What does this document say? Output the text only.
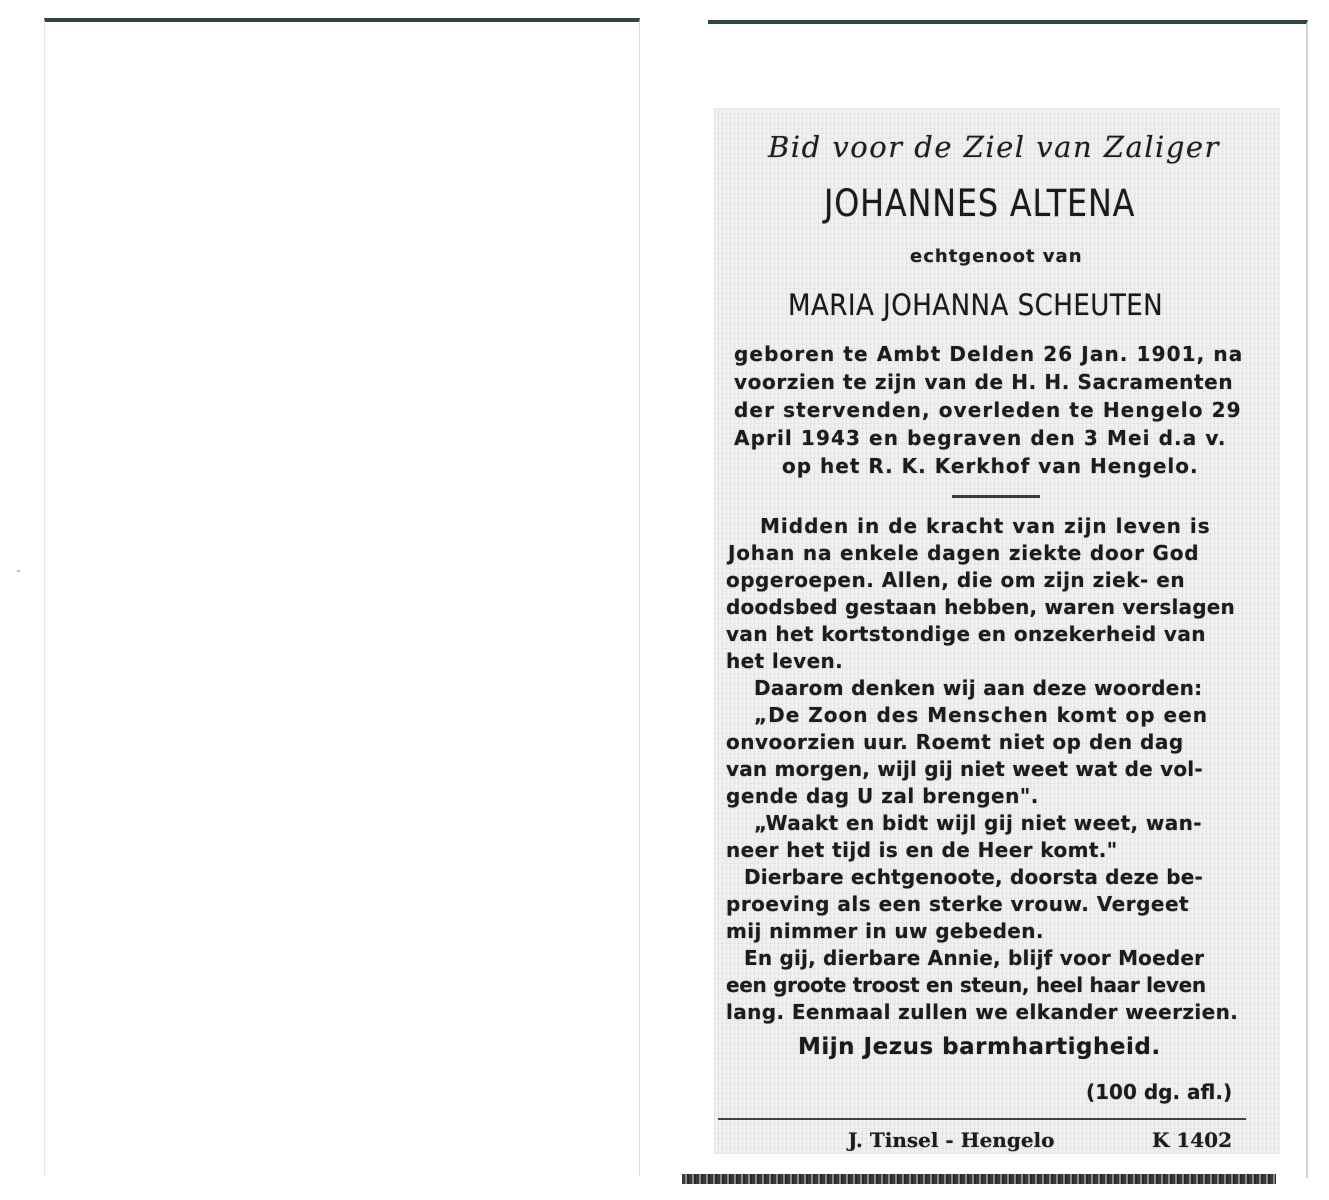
Bid voor de Ziel van Zaliger
JOHANNES ALTENA
echtgenoot van
MARIA JOHANNA SCHEUTEN
geboren te Ambt Delden 26 Jan. 1901, na
voorzien te zijn van de H. H. Sacramenten
der stervenden, overleden te Hengelo 29
April 1943 en begraven den 3 Mei d.a v.
op het R. K. Kerkhof van Hengelo.
Midden in de kracht van zijn leven is
Johan na enkele dagen ziekte door God
opgeroepen. Allen, die om zijn ziek- en
doodsbed gestaan hebben, waren verslagen
van het kortstondige en onzekerheid van
het leven.
Daarom denken wij aan deze woorden:
„De Zoon des Menschen komt op een
onvoorzien uur. Roemt niet op den dag
van morgen, wijl gij niet weet wat de vol-
gende dag U zal brengen".
„Waakt en bidt wijl gij niet weet, wan-
neer het tijd is en de Heer komt."
Dierbare echtgenoote, doorsta deze be-
proeving als een sterke vrouw. Vergeet
mij nimmer in uw gebeden.
En gij, dierbare Annie, blijf voor Moeder
een groote troost en steun, heel haar leven
lang. Eenmaal zullen we elkander weerzien.
Mijn Jezus barmhartigheid.
(100 dg. afl.)
J. Tinsel - Hengelo	K 1402
